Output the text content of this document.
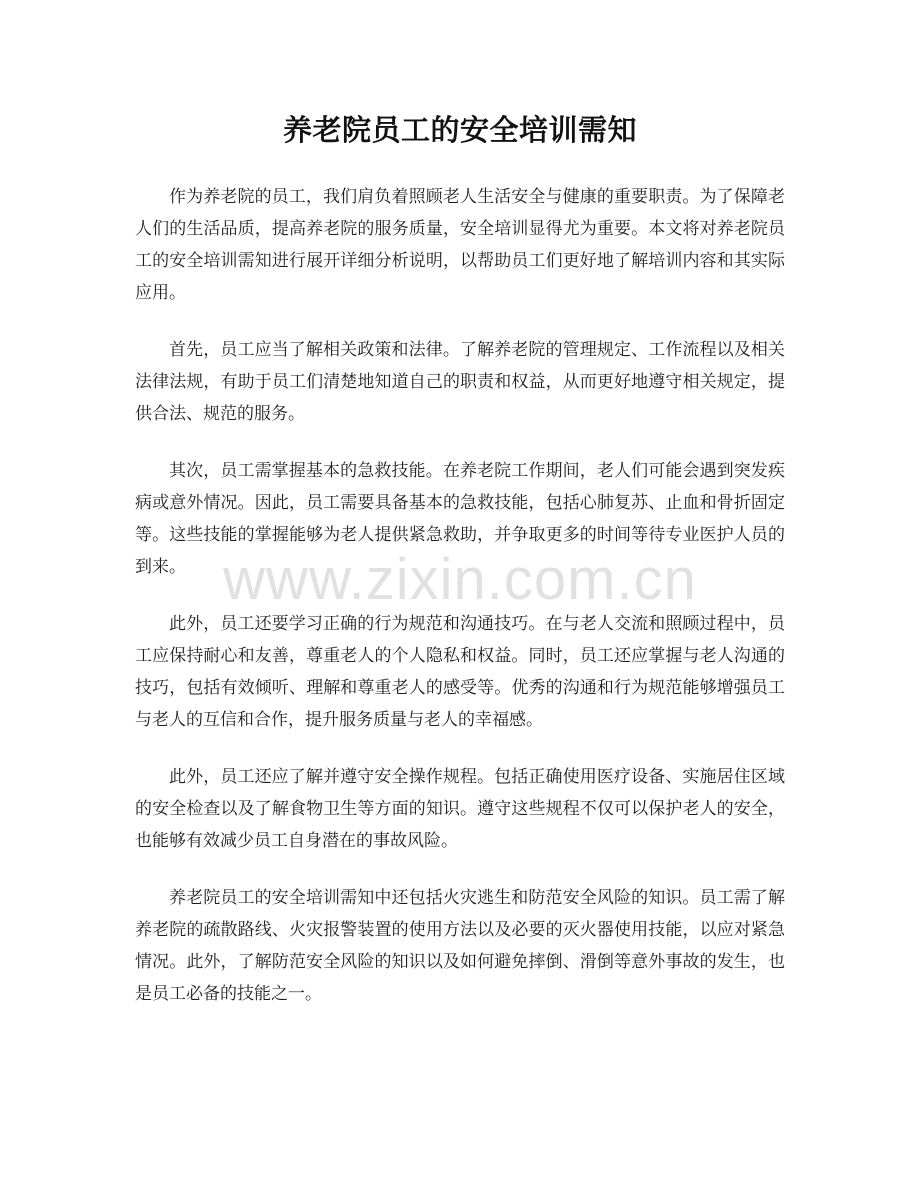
养老院员工的安全培训需知

作为养老院的员工，我们肩负着照顾老人生活安全与健康的重要职责。为了保障老人们的生活品质，提高养老院的服务质量，安全培训显得尤为重要。本文将对养老院员工的安全培训需知进行展开详细分析说明，以帮助员工们更好地了解培训内容和其实际应用。

首先，员工应当了解相关政策和法律。了解养老院的管理规定、工作流程以及相关法律法规，有助于员工们清楚地知道自己的职责和权益，从而更好地遵守相关规定，提供合法、规范的服务。

其次，员工需掌握基本的急救技能。在养老院工作期间，老人们可能会遇到突发疾病或意外情况。因此，员工需要具备基本的急救技能，包括心肺复苏、止血和骨折固定等。这些技能的掌握能够为老人提供紧急救助，并争取更多的时间等待专业医护人员的到来。

此外，员工还要学习正确的行为规范和沟通技巧。在与老人交流和照顾过程中，员工应保持耐心和友善，尊重老人的个人隐私和权益。同时，员工还应掌握与老人沟通的技巧，包括有效倾听、理解和尊重老人的感受等。优秀的沟通和行为规范能够增强员工与老人的互信和合作，提升服务质量与老人的幸福感。

此外，员工还应了解并遵守安全操作规程。包括正确使用医疗设备、实施居住区域的安全检查以及了解食物卫生等方面的知识。遵守这些规程不仅可以保护老人的安全，也能够有效减少员工自身潜在的事故风险。

养老院员工的安全培训需知中还包括火灾逃生和防范安全风险的知识。员工需了解养老院的疏散路线、火灾报警装置的使用方法以及必要的灭火器使用技能，以应对紧急情况。此外，了解防范安全风险的知识以及如何避免摔倒、滑倒等意外事故的发生，也是员工必备的技能之一。

www.zixin.com.cn
